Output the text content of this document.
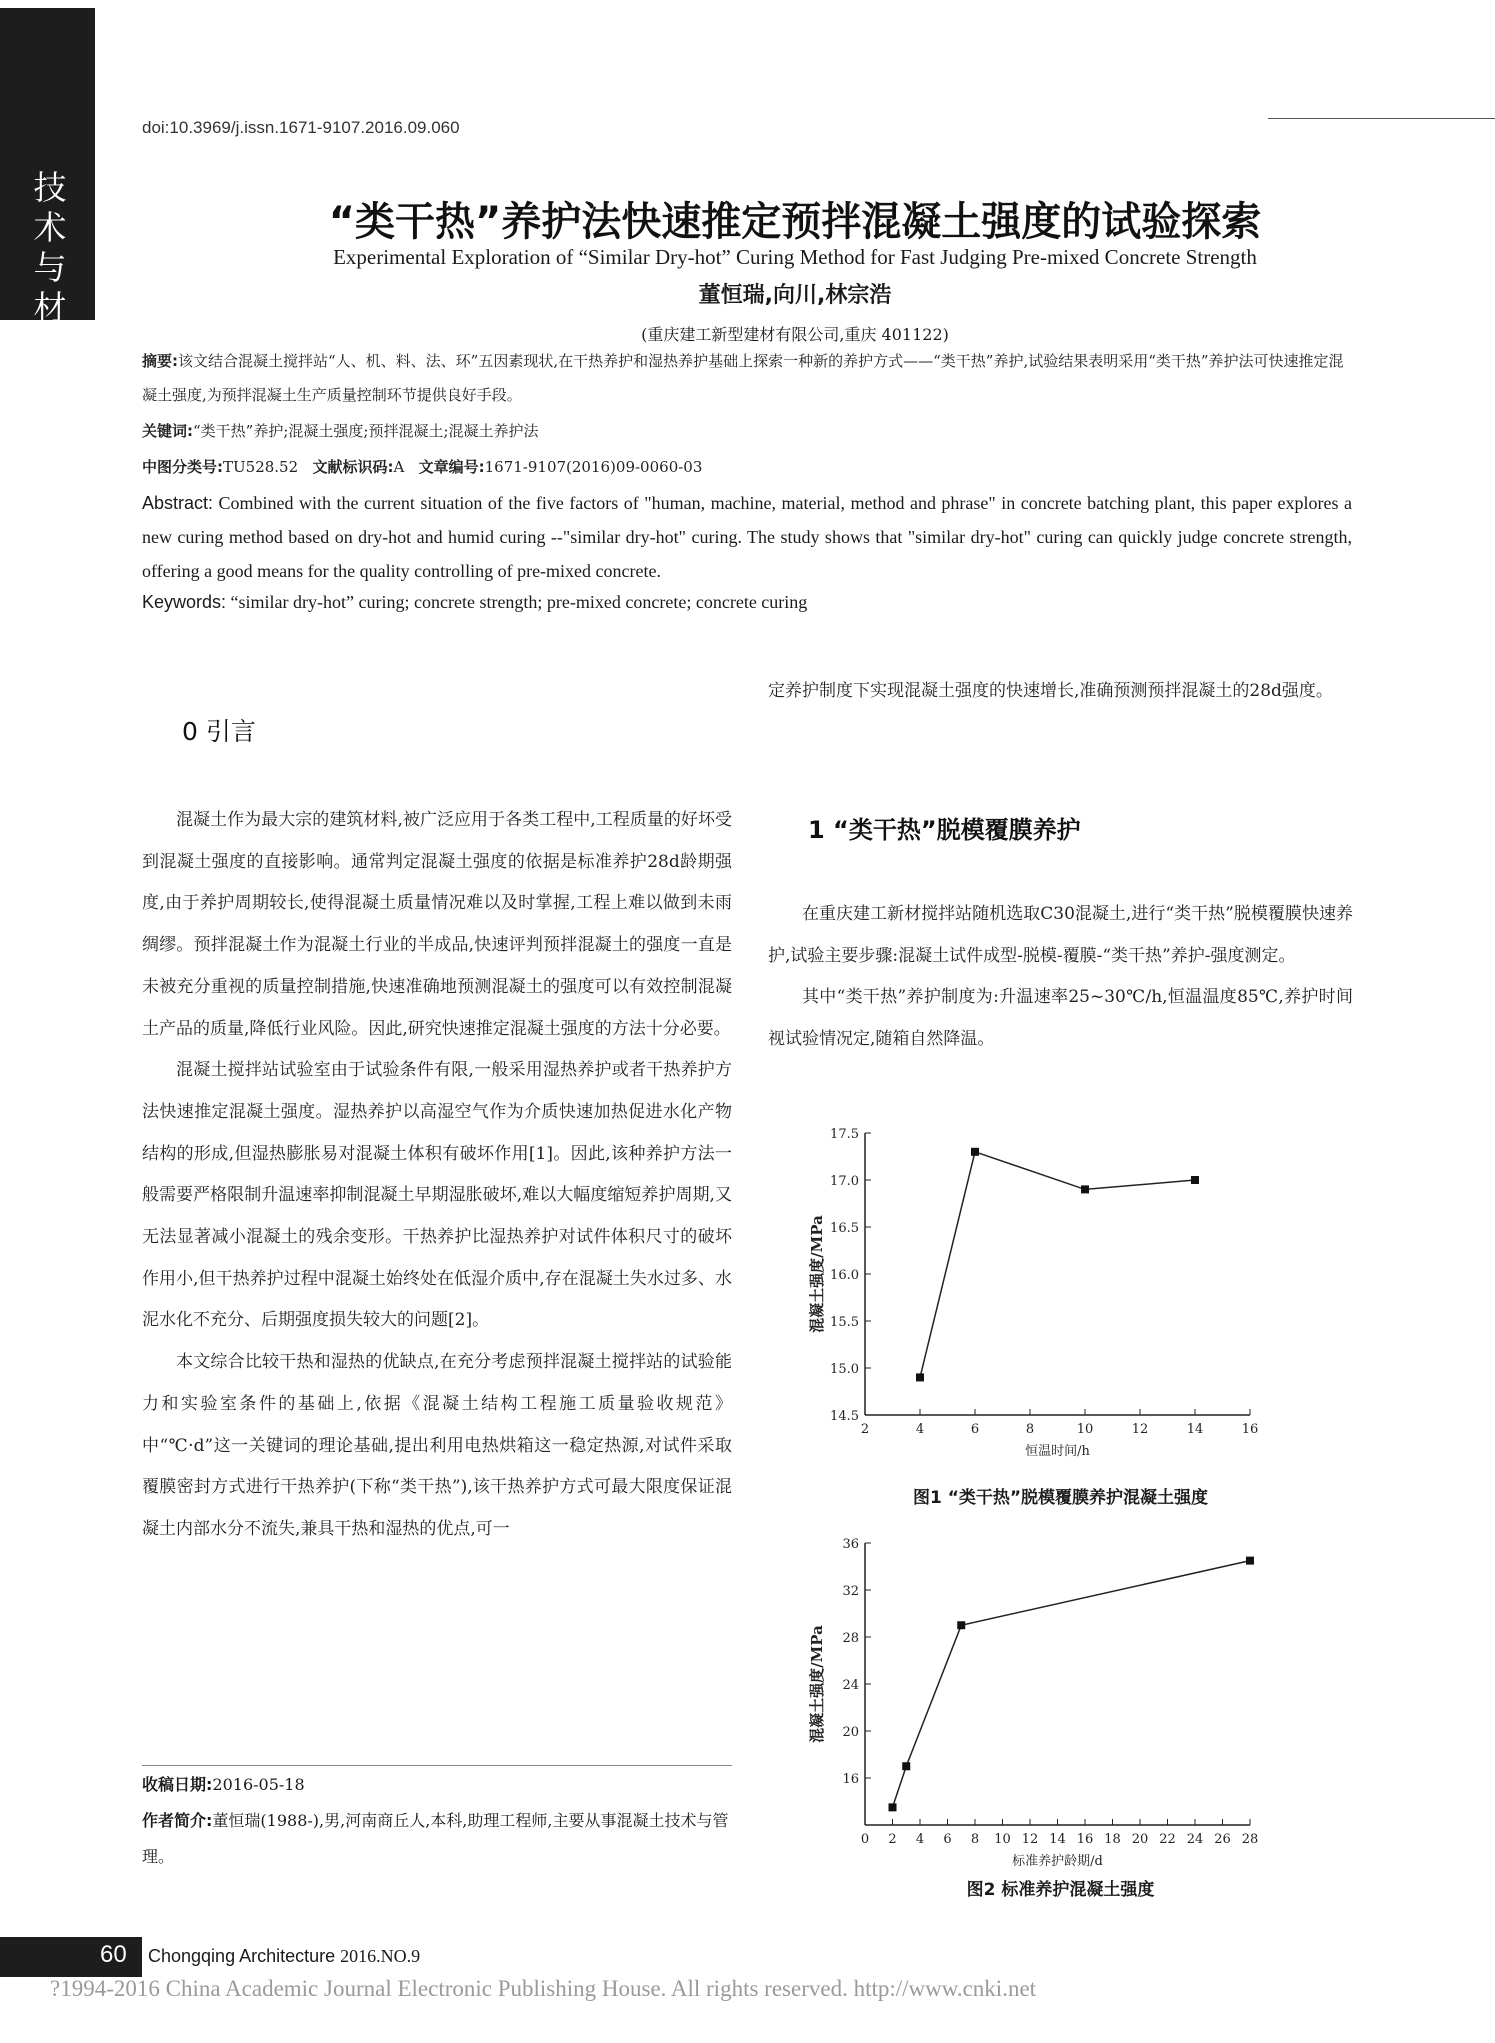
技术与材料
doi:10.3969/j.issn.1671-9107.2016.09.060
“类干热”养护法快速推定预拌混凝土强度的试验探索
Experimental Exploration of “Similar Dry-hot” Curing Method for Fast Judging Pre-mixed Concrete Strength
董恒瑞,向川,林宗浩
(重庆建工新型建材有限公司,重庆 401122)
摘要:该文结合混凝土搅拌站“人、机、料、法、环”五因素现状,在干热养护和湿热养护基础上探索一种新的养护方式——“类干热”养护,试验结果表明采用“类干热”养护法可快速推定混凝土强度,为预拌混凝土生产质量控制环节提供良好手段。
关键词:“类干热”养护;混凝土强度;预拌混凝土;混凝土养护法
中图分类号:TU528.52 文献标识码:A 文章编号:1671-9107(2016)09-0060-03
Abstract: Combined with the current situation of the five factors of "human, machine, material, method and phrase" in concrete batching plant, this paper explores a new curing method based on dry-hot and humid curing --"similar dry-hot" curing. The study shows that "similar dry-hot" curing can quickly judge concrete strength, offering a good means for the quality controlling of pre-mixed concrete.
Keywords: “similar dry-hot” curing; concrete strength; pre-mixed concrete; concrete curing
0 引言

混凝土作为最大宗的建筑材料,被广泛应用于各类工程中,工程质量的好坏受到混凝土强度的直接影响。通常判定混凝土强度的依据是标准养护28d龄期强度,由于养护周期较长,使得混凝土质量情况难以及时掌握,工程上难以做到未雨绸缪。预拌混凝土作为混凝土行业的半成品,快速评判预拌混凝土的强度一直是未被充分重视的质量控制措施,快速准确地预测混凝土的强度可以有效控制混凝土产品的质量,降低行业风险。因此,研究快速推定混凝土强度的方法十分必要。

混凝土搅拌站试验室由于试验条件有限,一般采用湿热养护或者干热养护方法快速推定混凝土强度。湿热养护以高湿空气作为介质快速加热促进水化产物结构的形成,但湿热膨胀易对混凝土体积有破坏作用[1]。因此,该种养护方法一般需要严格限制升温速率抑制混凝土早期湿胀破坏,难以大幅度缩短养护周期,又无法显著减小混凝土的残余变形。干热养护比湿热养护对试件体积尺寸的破坏作用小,但干热养护过程中混凝土始终处在低湿介质中,存在混凝土失水过多、水泥水化不充分、后期强度损失较大的问题[2]。

本文综合比较干热和湿热的优缺点,在充分考虑预拌混凝土搅拌站的试验能力和实验室条件的基础上,依据《混凝土结构工程施工质量验收规范》中“℃·d”这一关键词的理论基础,提出利用电热烘箱这一稳定热源,对试件采取覆膜密封方式进行干热养护(下称“类干热”),该干热养护方式可最大限度保证混凝土内部水分不流失,兼具干热和湿热的优点,可一

收稿日期:2016-05-18
作者简介:董恒瑞(1988-),男,河南商丘人,本科,助理工程师,主要从事混凝土技术与管理。
定养护制度下实现混凝土强度的快速增长,准确预测预拌混凝土的28d强度。
1 “类干热”脱模覆膜养护

在重庆建工新材搅拌站随机选取C30混凝土,进行“类干热”脱模覆膜快速养护,试验主要步骤:混凝土试件成型-脱模-覆膜-“类干热”养护-强度测定。

其中“类干热”养护制度为:升温速率25~30℃/h,恒温温度85℃,养护时间视试验情况定,随箱自然降温。

14.5
15.0
15.5
16.0
16.5
17.0
17.5
2	4	6	8	10	12	14	16
恒温时间/h
混凝土强度/MPa
图1 “类干热”脱模覆膜养护混凝土强度
16
20
24
28
32
36
0 2 4 6 8 10 12 14 16 18 20 22 24 26 28
标准养护龄期/d
混凝土强度/MPa
图2 标准养护混凝土强度
60 Chongqing Architecture 2016.NO.9
?1994-2016 China Academic Journal Electronic Publishing House. All rights reserved. http://www.cnki.net
